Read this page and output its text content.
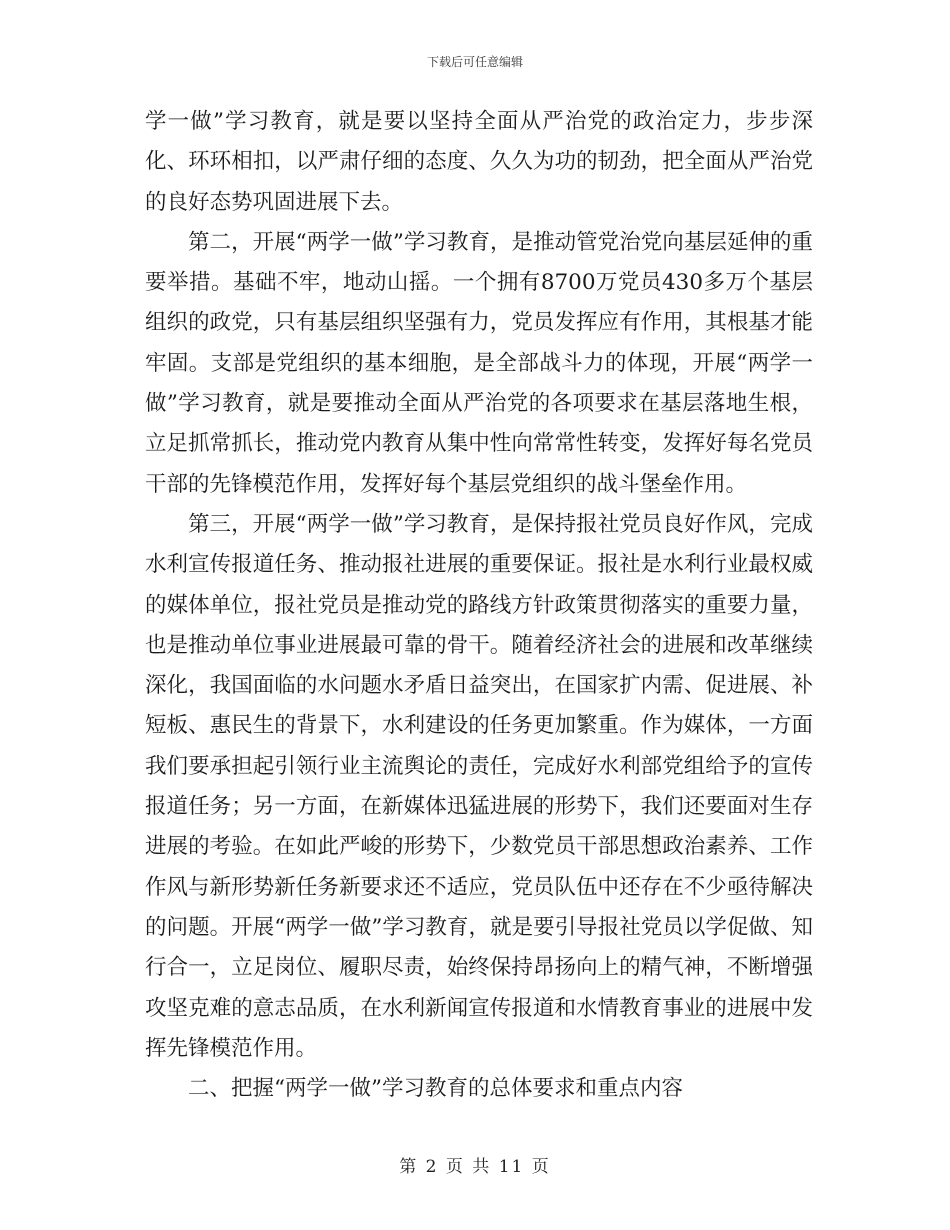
下载后可任意编辑

学一做”学习教育，就是要以坚持全面从严治党的政治定力，步步深化、环环相扣，以严肃仔细的态度、久久为功的韧劲，把全面从严治党的良好态势巩固进展下去。

第二，开展“两学一做”学习教育，是推动管党治党向基层延伸的重要举措。基础不牢，地动山摇。一个拥有8700万党员430多万个基层组织的政党，只有基层组织坚强有力，党员发挥应有作用，其根基才能牢固。支部是党组织的基本细胞，是全部战斗力的体现，开展“两学一做”学习教育，就是要推动全面从严治党的各项要求在基层落地生根，立足抓常抓长，推动党内教育从集中性向常常性转变，发挥好每名党员干部的先锋模范作用，发挥好每个基层党组织的战斗堡垒作用。

第三，开展“两学一做”学习教育，是保持报社党员良好作风，完成水利宣传报道任务、推动报社进展的重要保证。报社是水利行业最权威的媒体单位，报社党员是推动党的路线方针政策贯彻落实的重要力量，也是推动单位事业进展最可靠的骨干。随着经济社会的进展和改革继续深化，我国面临的水问题水矛盾日益突出，在国家扩内需、促进展、补短板、惠民生的背景下，水利建设的任务更加繁重。作为媒体，一方面我们要承担起引领行业主流舆论的责任，完成好水利部党组给予的宣传报道任务；另一方面，在新媒体迅猛进展的形势下，我们还要面对生存进展的考验。在如此严峻的形势下，少数党员干部思想政治素养、工作作风与新形势新任务新要求还不适应，党员队伍中还存在不少亟待解决的问题。开展“两学一做”学习教育，就是要引导报社党员以学促做、知行合一，立足岗位、履职尽责，始终保持昂扬向上的精气神，不断增强攻坚克难的意志品质，在水利新闻宣传报道和水情教育事业的进展中发挥先锋模范作用。

二、把握“两学一做”学习教育的总体要求和重点内容

第 2 页 共 11 页
